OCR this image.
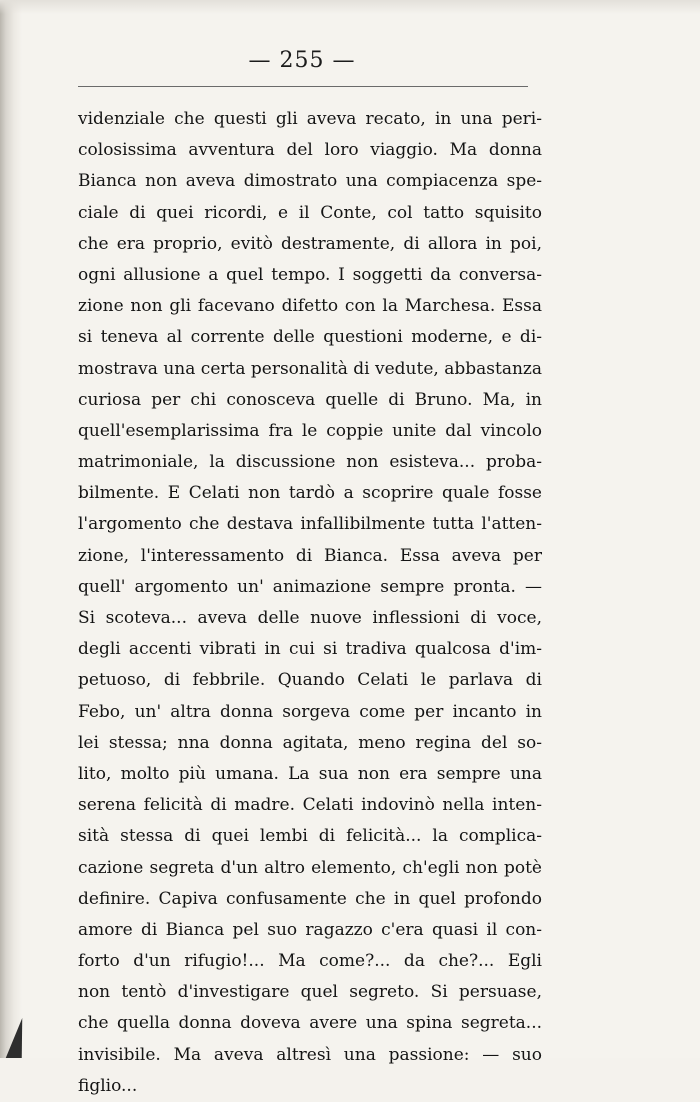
— 255 —
videnziale che questi gli aveva recato, in una peri-
colosissima avventura del loro viaggio. Ma donna
Bianca non aveva dimostrato una compiacenza spe-
ciale di quei ricordi, e il Conte, col tatto squisito
che era proprio, evitò destramente, di allora in poi,
ogni allusione a quel tempo. I soggetti da conversa-
zione non gli facevano difetto con la Marchesa. Essa
si teneva al corrente delle questioni moderne, e di-
mostrava una certa personalità di vedute, abbastanza
curiosa per chi conosceva quelle di Bruno. Ma, in
quell'esemplarissima fra le coppie unite dal vincolo
matrimoniale, la discussione non esisteva... proba-
bilmente. E Celati non tardò a scoprire quale fosse
l'argomento che destava infallibilmente tutta l'atten-
zione, l'interessamento di Bianca. Essa aveva per
quell' argomento un' animazione sempre pronta. —
Si scoteva... aveva delle nuove inflessioni di voce,
degli accenti vibrati in cui si tradiva qualcosa d'im-
petuoso, di febbrile. Quando Celati le parlava di
Febo, un' altra donna sorgeva come per incanto in
lei stessa; nna donna agitata, meno regina del so-
lito, molto più umana. La sua non era sempre una
serena felicità di madre. Celati indovinò nella inten-
sità stessa di quei lembi di felicità... la complica-
cazione segreta d'un altro elemento, ch'egli non potè
definire. Capiva confusamente che in quel profondo
amore di Bianca pel suo ragazzo c'era quasi il con-
forto d'un rifugio!... Ma come?... da che?... Egli
non tentò d'investigare quel segreto. Si persuase,
che quella donna doveva avere una spina segreta...
invisibile. Ma aveva altresì una passione: — suo
figlio...
